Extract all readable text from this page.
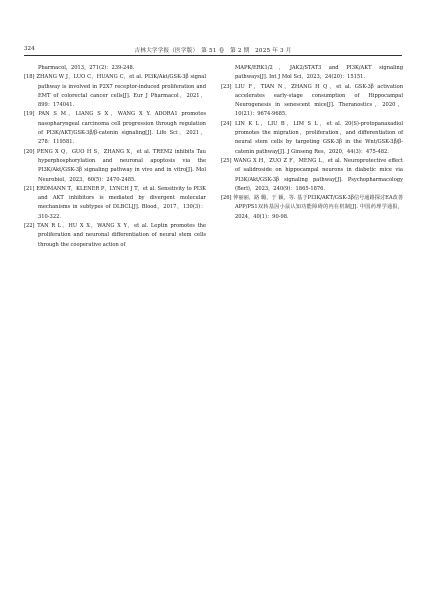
324	吉林大学学报（医学版）　第 51 卷　第 2 期　2025 年 3 月

Pharmacol，2013，271(2)：239-248.

[18] ZHANG W J，LUO C，HUANG C，et al. PI3K/Akt/GSK-3β signal pathway is involved in P2X7 receptor-induced proliferation and EMT of colorectal cancer cells[J]. Eur J Pharmacol，2021，899：174041.

[19] PAN S M，LIANG S X，WANG X Y. ADORA1 promotes nasopharyngeal carcinoma cell progression through regulation of PI3K/AKT/GSK-3β/β-catenin signaling[J]. Life Sci，2021，278：119581.

[20] PENG X Q，GUO H S，ZHANG X，et al. TREM2 inhibits Tau hyperphosphorylation and neuronal apoptosis via the PI3K/Akt/GSK-3β signaling pathway in vivo and in vitro[J]. Mol Neurobiol，2023，60(5)：2470-2485.

[21] ERDMANN T，KLENER P，LYNCH J T，et al. Sensitivity to PI3K and AKT inhibitors is mediated by divergent molecular mechanisms in subtypes of DLBCL[J]. Blood，2017，130(3)：310-322.

[22] TAN R L，HU X X，WANG X Y，et al. Leptin promotes the proliferation and neuronal differentiation of neural stem cells through the cooperative action of

MAPK/ERK1/2，JAK2/STAT3 and PI3K/AKT signaling pathways[J]. Int J Mol Sci，2023，24(20)：15151.

[23] LIU F，TIAN N，ZHANG H Q，et al. GSK-3β activation accelerates early-stage consumption of Hippocampal Neurogenesis in senescent mice[J]. Theranostics，2020，10(21)：9674-9685.

[24] LIN K L，LIU B，LIM S L，et al. 20(S)-protopanaxadiol promotes the migration，proliferation，and differentiation of neural stem cells by targeting GSK-3β in the Wnt/GSK-3β/β-catenin pathway[J]. J Ginseng Res，2020，44(3)：475-482.

[25] WANG X H，ZUO Z F，MENG L，et al. Neuroprotective effect of salidroside on hippocampal neurons in diabetic mice via PI3K/Akt/GSK-3β signaling pathway[J]. Psychopharmacology (Berl)，2023，240(9)：1865-1876.

[26] 仲丽丽，路 璐，于 颖，等. 基于PI3K/AKT/GSK-3β信号通路探讨EA改善APP/PS1双转基因小鼠认知功能障碍的内在机制[J]. 中国药理学通报，2024，40(1)：90-98.
